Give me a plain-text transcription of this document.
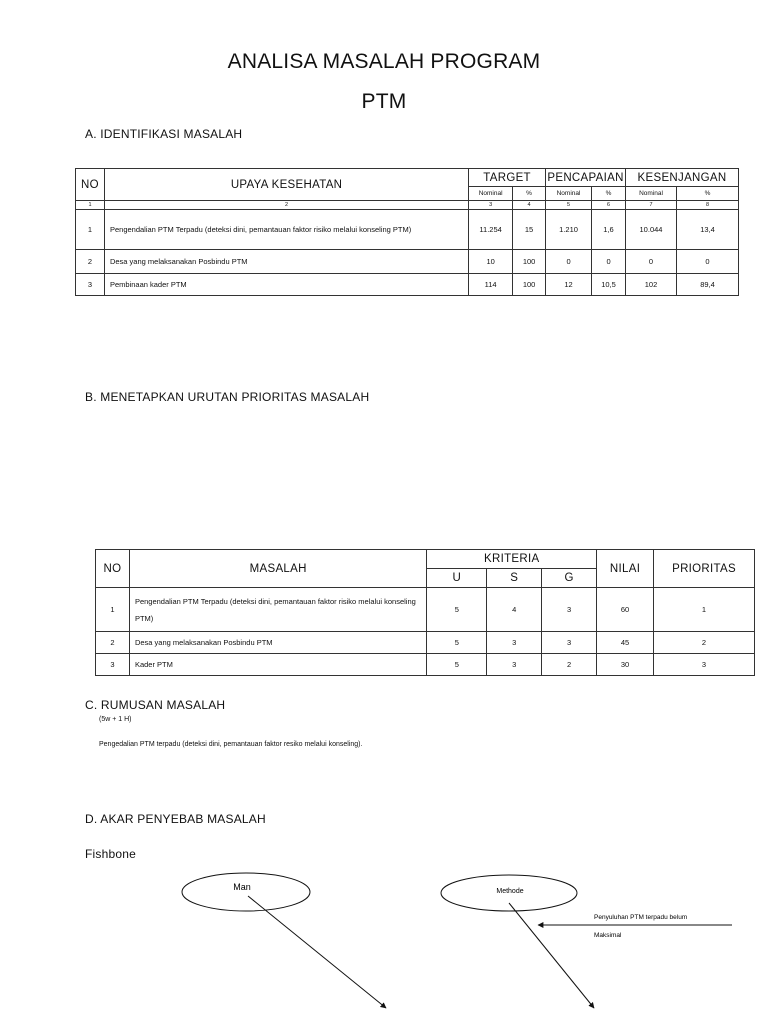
ANALISA MASALAH PROGRAM
PTM
A. IDENTIFIKASI MASALAH
NO	UPAYA KESEHATAN	TARGET		PENCAPAIAN		KESENJANGAN	
		Nominal	%	Nominal	%	Nominal	%
1	2	3	4	5	6	7	8
1	Pengendalian PTM Terpadu (deteksi dini, pemantauan faktor risiko melalui konseling PTM)	11.254	15	1.210	1,6	10.044	13,4
2	Desa yang melaksanakan Posbindu PTM	10	100	0	0	0	0
3	Pembinaan kader PTM	114	100	12	10,5	102	89,4
B. MENETAPKAN URUTAN PRIORITAS MASALAH
NO	MASALAH	KRITERIA			NILAI	PRIORITAS
		U	S	G		
1	Pengendalian PTM Terpadu (deteksi dini, pemantauan faktor risiko melalui konseling PTM)	5	4	3	60	1
2	Desa yang melaksanakan Posbindu PTM	5	3	3	45	2
3	Kader PTM	5	3	2	30	3
C. RUMUSAN MASALAH
(5w + 1 H)
Pengedalian PTM terpadu (deteksi dini, pemantauan faktor resiko melalui konseling).
D. AKAR PENYEBAB MASALAH
Fishbone
Man	Methode
Penyuluhan PTM terpadu belum
Maksimal
